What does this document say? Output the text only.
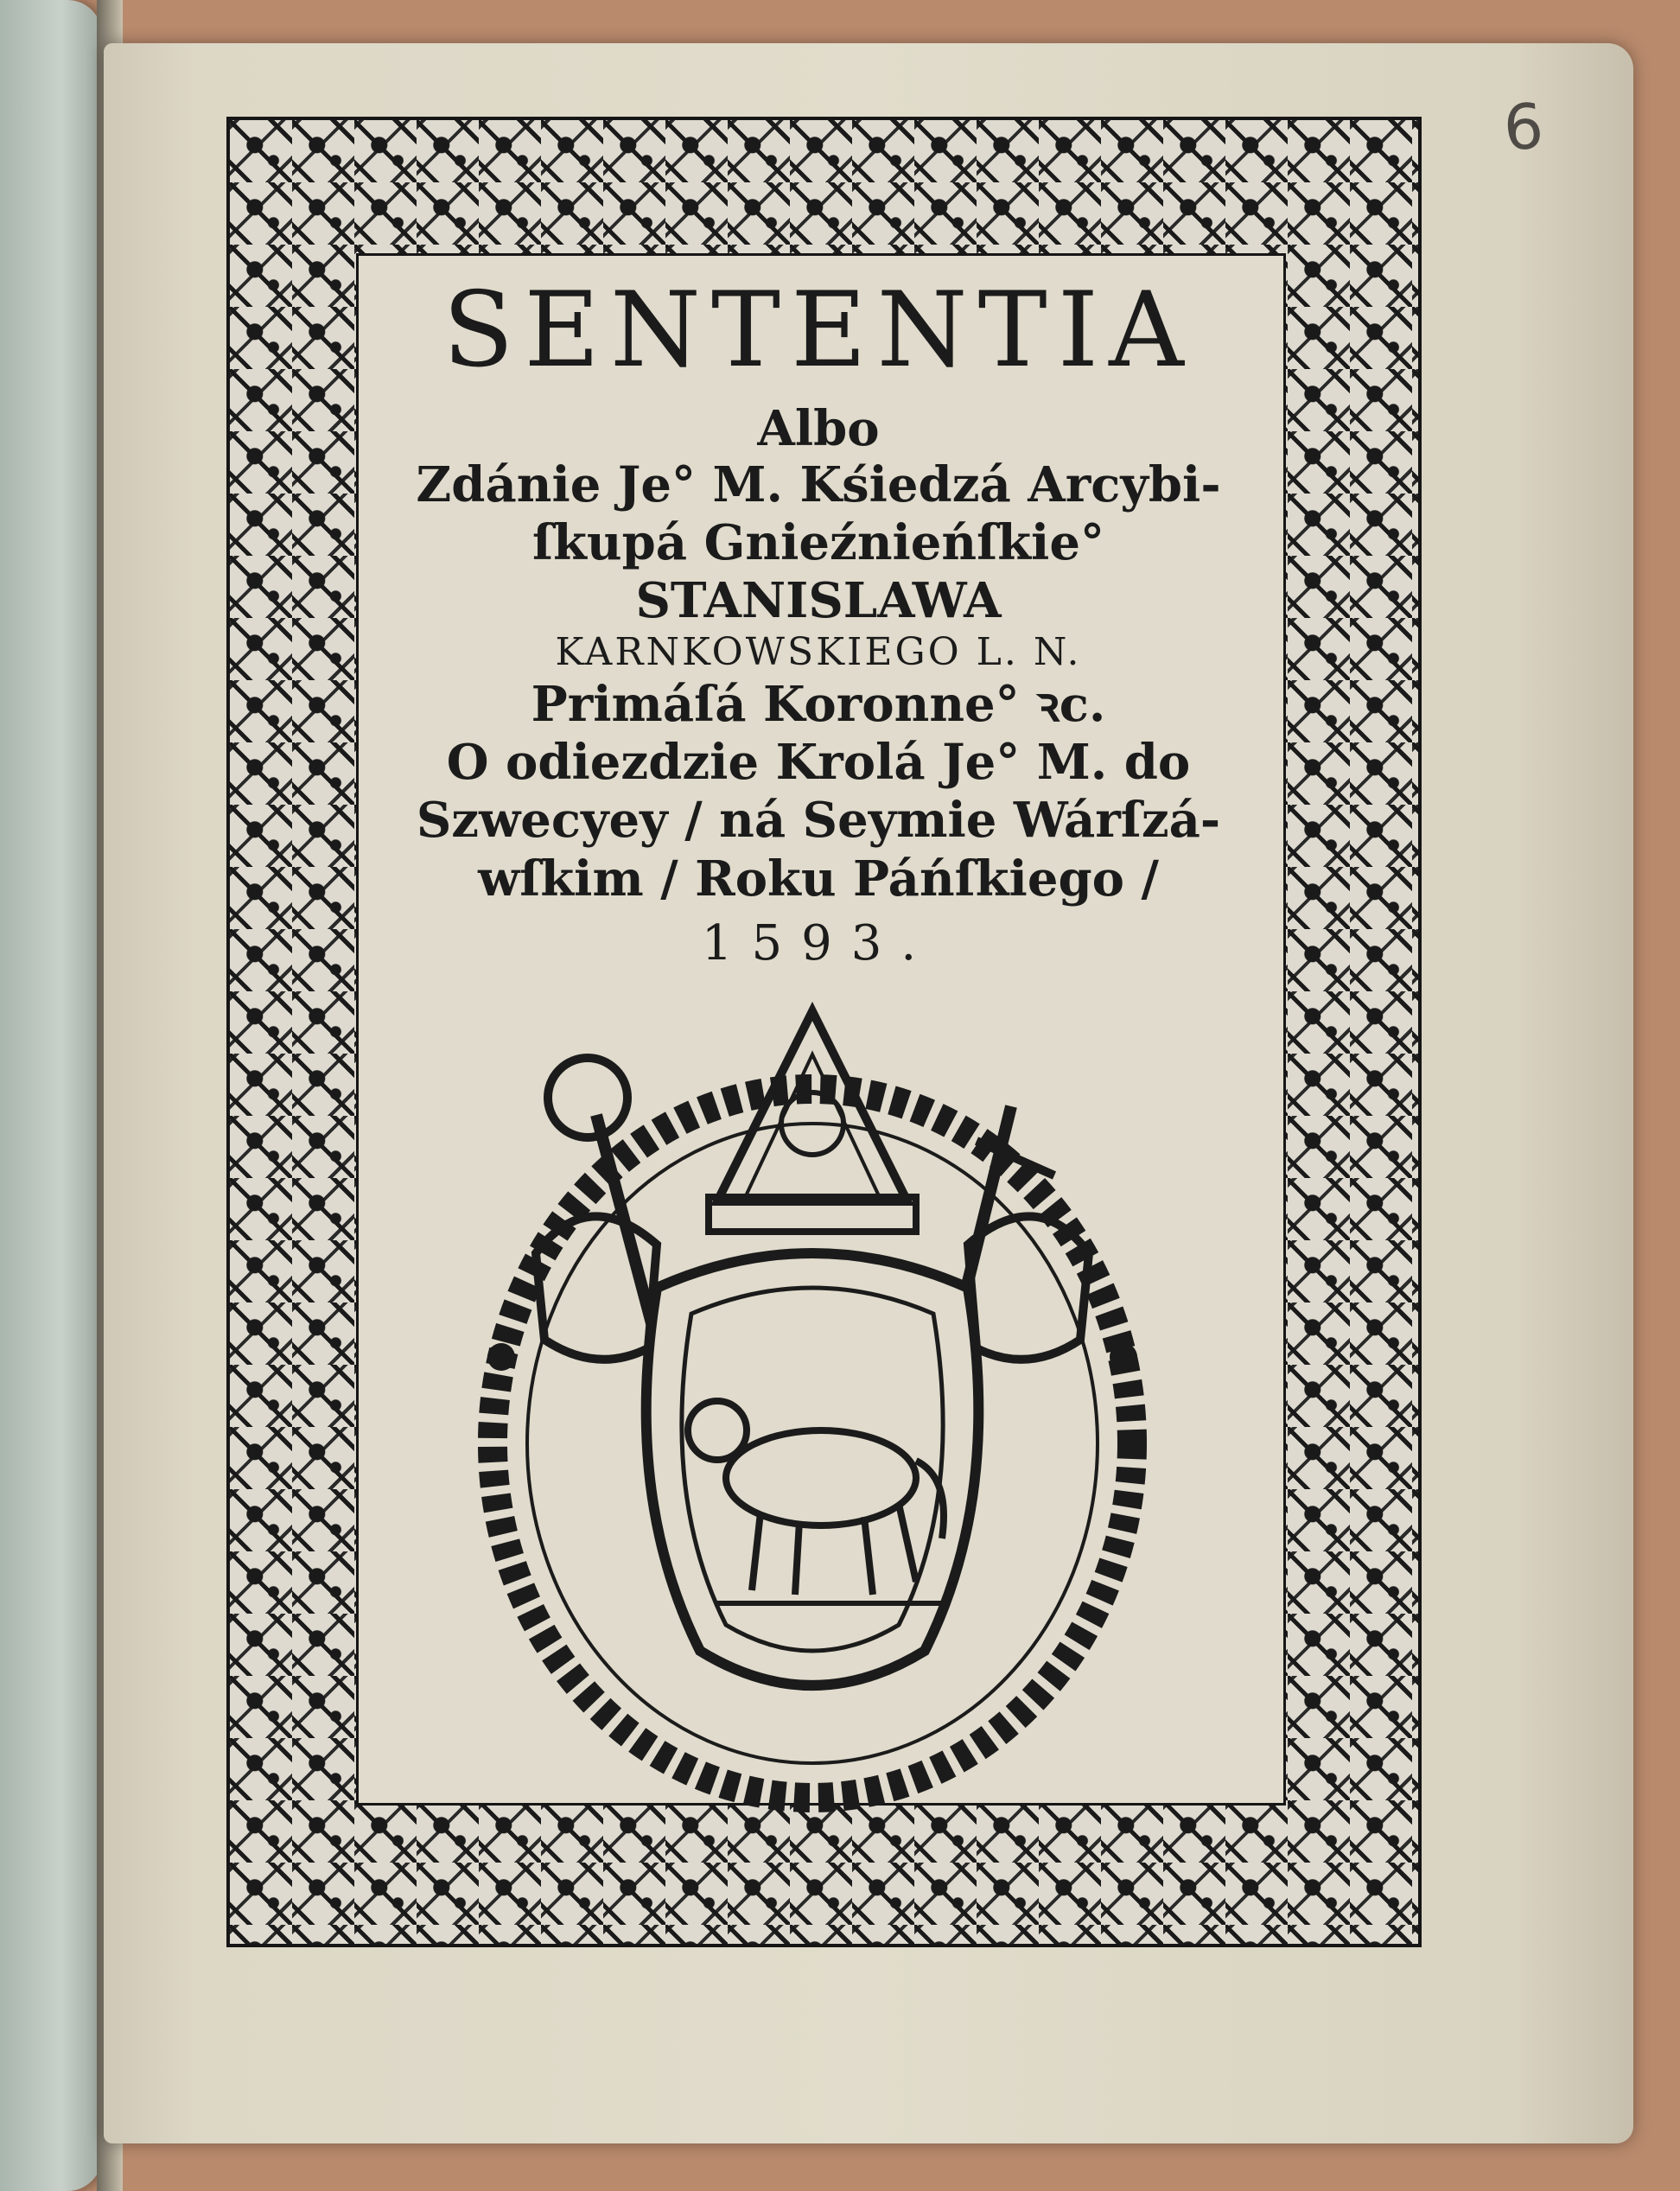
6
SENTENTIA
Albo
Zdánie Je° M. Kśiedzá Arcybi-
ſkupá Gnieźnieńſkie° STANISLAWA
KARNKOWSKIEGO L. N.
Primáſá Koronne° ꝛc.
O odiezdzie Krolá Je° M. do
Szwecyey / ná Seymie Wárſzá-
wſkim / Roku Páńſkiego /
1593.
